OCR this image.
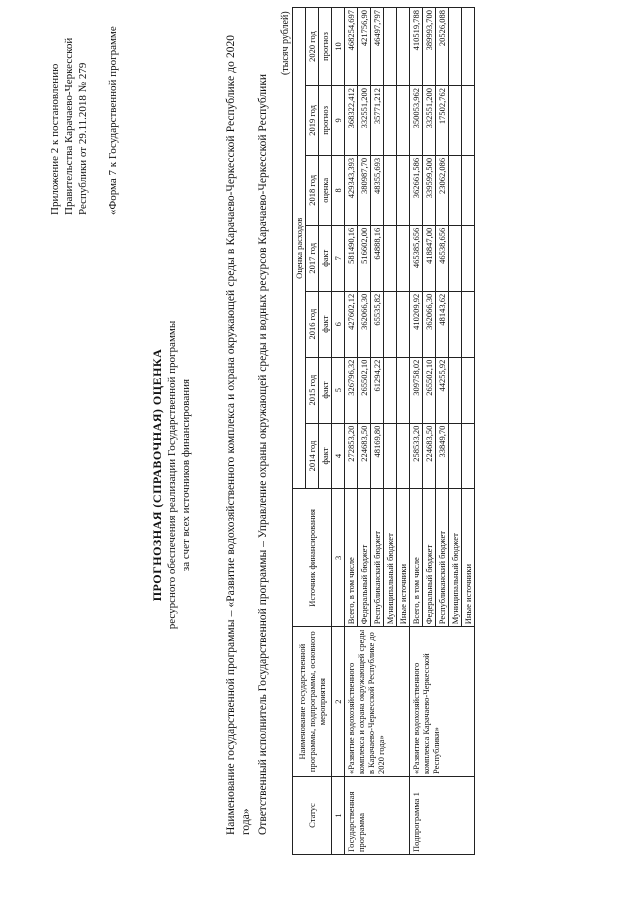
Приложение 2 к постановлению Правительства Карачаево-Черкесской Республики от 29.11.2018 № 279 «Форма 7 к Государственной программе
ПРОГНОЗНАЯ (СПРАВОЧНАЯ) ОЦЕНКА ресурсного обеспечения реализации Государственной программы за счет всех источников финансирования	Наименование государственной программы – «Развитие водохозяйственного комплекса и охрана окружающей среды в Карачаево-Черкесской Республике до 2020 года» Ответственный исполнитель Государственной программы – Управление охраны окружающей среды и водных ресурсов Карачаево-Черкесской Республики

(тысяч рублей)
Статус	Наименование государственной программы, подпрограммы, основного мероприятия	Источник финансирования	Оценка расходов						
			2014 год	2015 год	2016 год	2017 год	2018 год	2019 год	2020 год
			факт	факт	факт	факт	оценка	прогноз	прогноз
1	2	3	4	5	6	7	8	9	10
Государственная программа	«Развитие водохозяйственного комплекса и охрана окружающей среды в Карачаево-Черкесской Республике до 2020 года»	Всего, в том числе	272853,20	326796,32	427602,12	581490,16	429343,393	368322,412	468254,697
		Федеральный бюджет	224683,50	265502,10	362066,30	516602,00	380987,70	332551,200	421756,90
		Республиканский бюджет	48169,80	61294,22	65535,82	64888,16	48355,693	35771,212	46497,797
		Муниципальный бюджет							
		Иные источники							
Подпрограмма 1	«Развитие водохозяйственного комплекса Карачаево-Черкесской Республики»	Всего, в том числе	258533,20	309758,02	410209,92	465385,656	362661,586	350053,962	410519,788
		Федеральный бюджет	224683,50	265502,10	362066,30	418847,00	339599,500	332551,200	389993,700
		Республиканский бюджет	33849,70	44255,92	48143,62	46538,656	23062,086	17502,762	20526,088
		Муниципальный бюджет							
		Иные источники							
